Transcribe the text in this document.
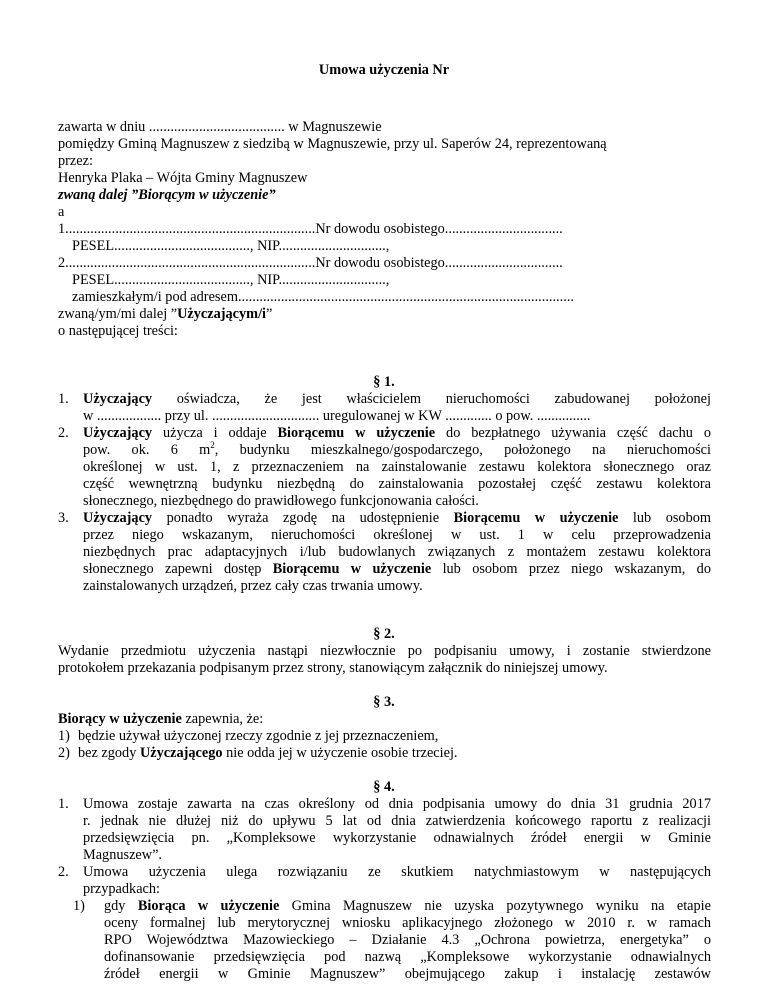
Umowa użyczenia Nr
zawarta w dniu ...................................... w Magnuszewie
pomiędzy Gminą Magnuszew z siedzibą w Magnuszewie, przy ul. Saperów 24, reprezentowaną
przez:
Henryka Plaka – Wójta Gminy Magnuszew
zwaną dalej ”Biorącym w użyczenie”
a
1......................................................................Nr dowodu osobistego.................................
PESEL......................................, NIP..............................,
2......................................................................Nr dowodu osobistego.................................
PESEL......................................, NIP..............................,
zamieszkałym/i pod adresem..............................................................................................
zwaną/ym/mi dalej ”Użyczającym/i”
o następującej treści:
§ 1.
1. Użyczający oświadcza, że jest właścicielem nieruchomości zabudowanej położonej
w .................. przy ul. .............................. uregulowanej w KW ............. o pow. ...............
2. Użyczający użycza i oddaje Biorącemu w użyczenie do bezpłatnego używania część dachu o
pow. ok. 6 $m^2$, budynku mieszkalnego/gospodarczego, położonego na nieruchomości
określonej w ust. 1, z przeznaczeniem na zainstalowanie zestawu kolektora słonecznego oraz
część wewnętrzną budynku niezbędną do zainstalowania pozostałej część zestawu kolektora
słonecznego, niezbędnego do prawidłowego funkcjonowania całości.
3. Użyczający ponadto wyraża zgodę na udostępnienie Biorącemu w użyczenie lub osobom
przez niego wskazanym, nieruchomości określonej w ust. 1 w celu przeprowadzenia
niezbędnych prac adaptacyjnych i/lub budowlanych związanych z montażem zestawu kolektora
słonecznego zapewni dostęp Biorącemu w użyczenie lub osobom przez niego wskazanym, do
zainstalowanych urządzeń, przez cały czas trwania umowy.
§ 2.
Wydanie przedmiotu użyczenia nastąpi niezwłocznie po podpisaniu umowy, i zostanie stwierdzone
protokołem przekazania podpisanym przez strony, stanowiącym załącznik do niniejszej umowy.
§ 3.
Biorący w użyczenie zapewnia, że:
1) będzie używał użyczonej rzeczy zgodnie z jej przeznaczeniem,
2) bez zgody Użyczającego nie odda jej w użyczenie osobie trzeciej.
§ 4.
1. Umowa zostaje zawarta na czas określony od dnia podpisania umowy do dnia 31 grudnia 2017
r. jednak nie dłużej niż do upływu 5 lat od dnia zatwierdzenia końcowego raportu z realizacji
przedsięwzięcia pn. „Kompleksowe wykorzystanie odnawialnych źródeł energii w Gminie
Magnuszew”.
2. Umowa użyczenia ulega rozwiązaniu ze skutkiem natychmiastowym w następujących
przypadkach:
1) gdy Biorąca w użyczenie Gmina Magnuszew nie uzyska pozytywnego wyniku na etapie
oceny formalnej lub merytorycznej wniosku aplikacyjnego złożonego w 2010 r. w ramach
RPO Województwa Mazowieckiego – Działanie 4.3 „Ochrona powietrza, energetyka” o
dofinansowanie przedsięwzięcia pod nazwą „Kompleksowe wykorzystanie odnawialnych
źródeł energii w Gminie Magnuszew” obejmującego zakup i instalację zestawów
